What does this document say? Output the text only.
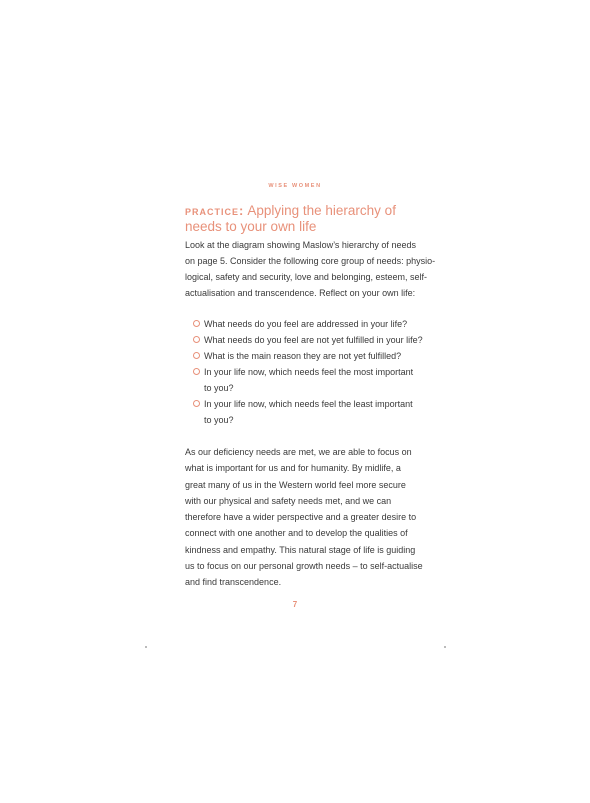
WISE WOMEN
practice: Applying the hierarchy of
needs to your own life
Look at the diagram showing Maslow’s hierarchy of needs
on page 5. Consider the following core group of needs: physio-
logical, safety and security, love and belonging, esteem, self-
actualisation and transcendence. Reflect on your own life:
What needs do you feel are addressed in your life?
What needs do you feel are not yet fulfilled in your life?
What is the main reason they are not yet fulfilled?
In your life now, which needs feel the most important
to you?
In your life now, which needs feel the least important
to you?
As our deficiency needs are met, we are able to focus on
what is important for us and for humanity. By midlife, a
great many of us in the Western world feel more secure
with our physical and safety needs met, and we can
therefore have a wider perspective and a greater desire to
connect with one another and to develop the qualities of
kindness and empathy. This natural stage of life is guiding
us to focus on our personal growth needs – to self-actualise
and find transcendence.
7
